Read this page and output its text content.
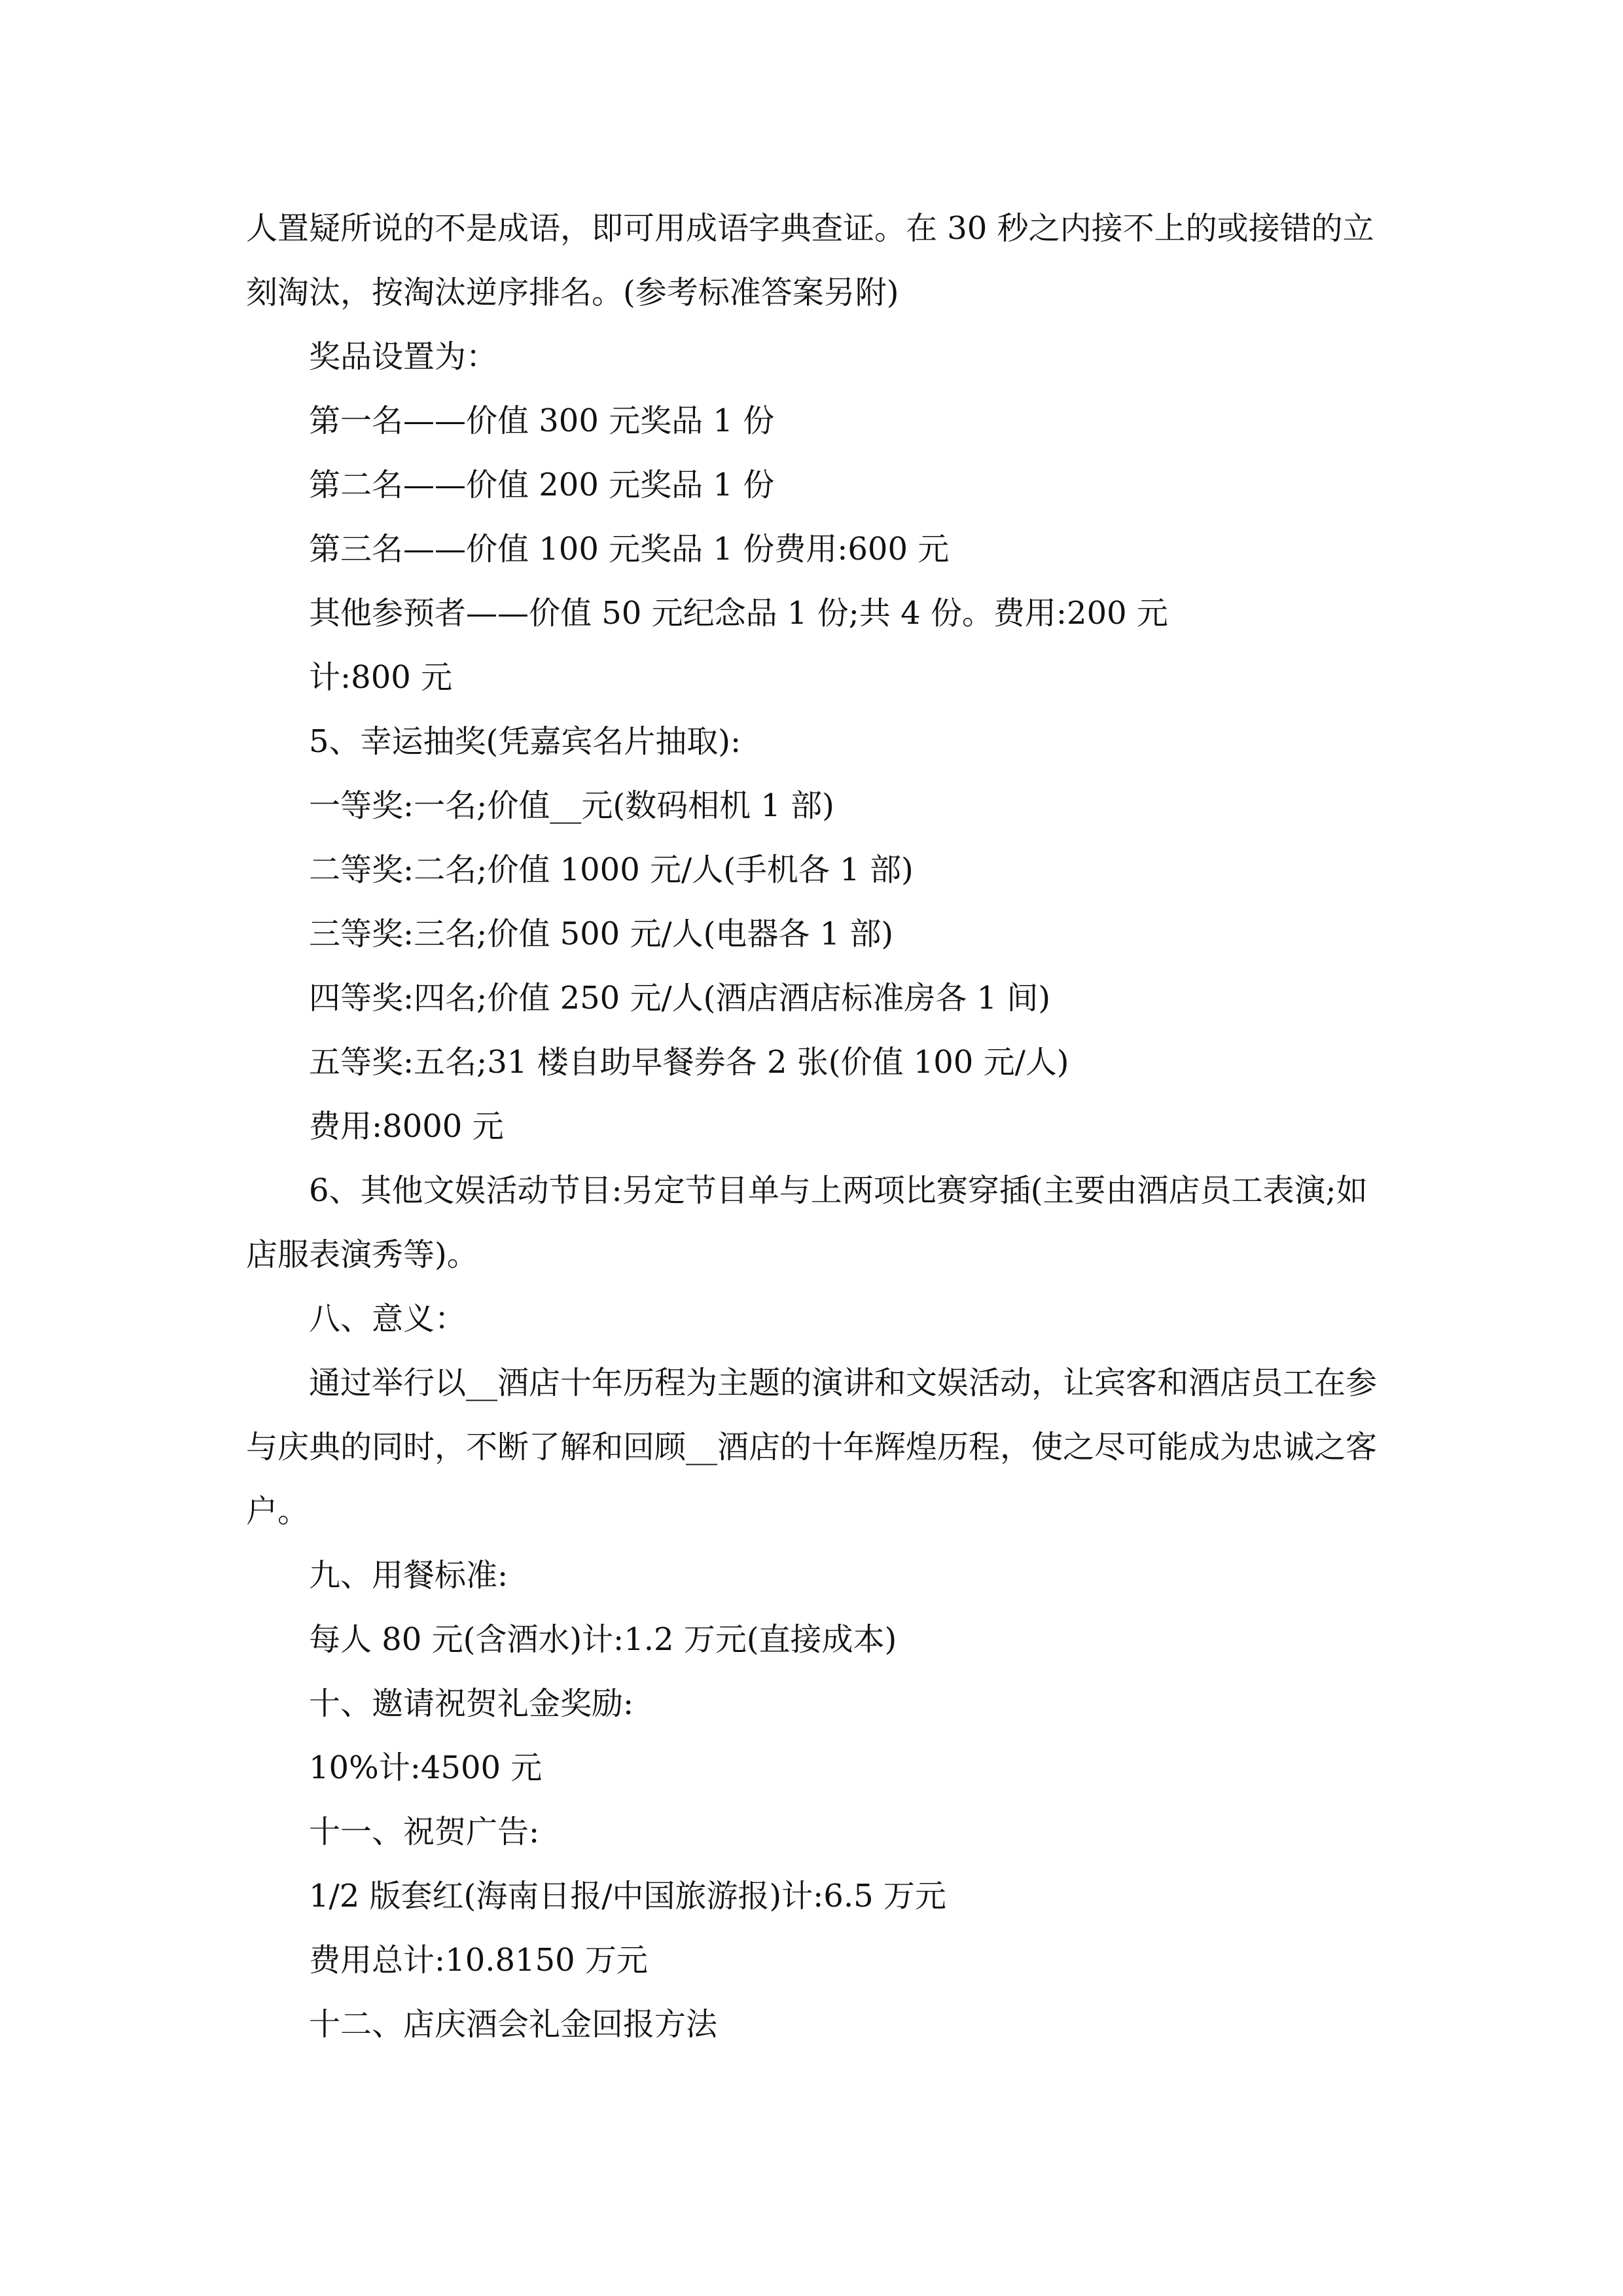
人置疑所说的不是成语，即可用成语字典查证。在 30 秒之内接不上的或接错的立刻淘汰，按淘汰逆序排名。(参考标准答案另附)

奖品设置为：

第一名——价值 300 元奖品 1 份

第二名——价值 200 元奖品 1 份

第三名——价值 100 元奖品 1 份费用:600 元

其他参预者——价值 50 元纪念品 1 份;共 4 份。费用:200 元

计:800 元

5、幸运抽奖(凭嘉宾名片抽取):

一等奖:一名;价值__元(数码相机 1 部)

二等奖:二名;价值 1000 元/人(手机各 1 部)

三等奖:三名;价值 500 元/人(电器各 1 部)

四等奖:四名;价值 250 元/人(酒店酒店标准房各 1 间)

五等奖:五名;31 楼自助早餐券各 2 张(价值 100 元/人)

费用:8000 元

6、其他文娱活动节目:另定节目单与上两项比赛穿插(主要由酒店员工表演;如店服表演秀等)。

八、意义：

通过举行以__酒店十年历程为主题的演讲和文娱活动，让宾客和酒店员工在参与庆典的同时，不断了解和回顾__酒店的十年辉煌历程，使之尽可能成为忠诚之客户。

九、用餐标准:

每人 80 元(含酒水)计:1.2 万元(直接成本)

十、邀请祝贺礼金奖励:

10%计:4500 元

十一、祝贺广告:

1/2 版套红(海南日报/中国旅游报)计:6.5 万元

费用总计:10.8150 万元

十二、店庆酒会礼金回报方法
